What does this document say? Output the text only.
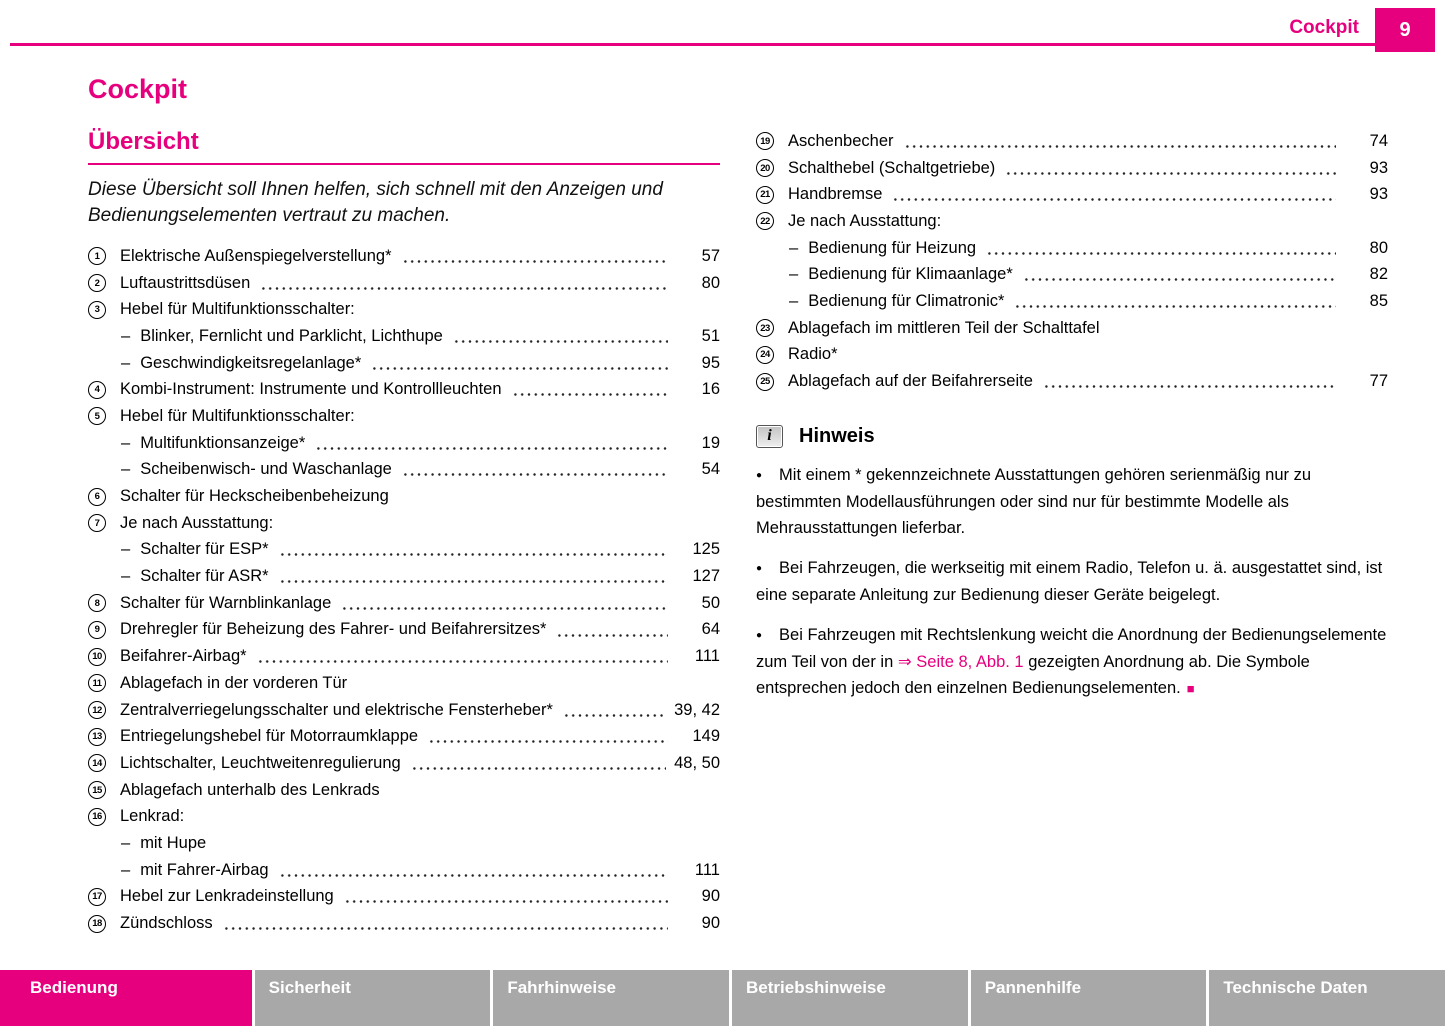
Cockpit	9
Cockpit
Übersicht

Diese Übersicht soll Ihnen helfen, sich schnell mit den Anzeigen und Bedienungselementen vertraut zu machen.

1	Elektrische Außenspiegelverstellung*	57
2	Luftaustrittsdüsen	80
3	Hebel für Multifunktionsschalter:
– Blinker, Fernlicht und Parklicht, Lichthupe	51
– Geschwindigkeitsregelanlage*	95
4	Kombi-Instrument: Instrumente und Kontrollleuchten	16
5	Hebel für Multifunktionsschalter:
– Multifunktionsanzeige*	19
– Scheibenwisch- und Waschanlage	54
6	Schalter für Heckscheibenbeheizung
7	Je nach Ausstattung:
– Schalter für ESP*	125
– Schalter für ASR*	127
8	Schalter für Warnblinkanlage	50
9	Drehregler für Beheizung des Fahrer- und Beifahrersitzes*	64
10 Beifahrer-Airbag*	111
11 Ablagefach in der vorderen Tür
12 Zentralverriegelungsschalter und elektrische Fensterheber*	39, 42
13 Entriegelungshebel für Motorraumklappe	149
14 Lichtschalter, Leuchtweitenregulierung	48, 50
15 Ablagefach unterhalb des Lenkrads
16 Lenkrad:
– mit Hupe
– mit Fahrer-Airbag	111
17 Hebel zur Lenkradeinstellung	90
18 Zündschloss	90
19 Aschenbecher	74
20 Schalthebel (Schaltgetriebe)	93
21 Handbremse	93
22 Je nach Ausstattung:
– Bedienung für Heizung	80
– Bedienung für Klimaanlage*	82
– Bedienung für Climatronic*	85
23 Ablagefach im mittleren Teil der Schalttafel
24 Radio*
25 Ablagefach auf der Beifahrerseite	77
i	Hinweis

● Mit einem * gekennzeichnete Ausstattungen gehören serienmäßig nur zu bestimmten Modellausführungen oder sind nur für bestimmte Modelle als Mehrausstattungen lieferbar.

● Bei Fahrzeugen, die werkseitig mit einem Radio, Telefon u. ä. ausgestattet sind, ist eine separate Anleitung zur Bedienung dieser Geräte beigelegt.

● Bei Fahrzeugen mit Rechtslenkung weicht die Anordnung der Bedienungselemente zum Teil von der in ⇒ Seite 8, Abb. 1 gezeigten Anordnung ab. Die Symbole entsprechen jedoch den einzelnen Bedienungselementen. ■

Bedienung	Sicherheit	Fahrhinweise	Betriebshinweise	Pannenhilfe	Technische Daten
